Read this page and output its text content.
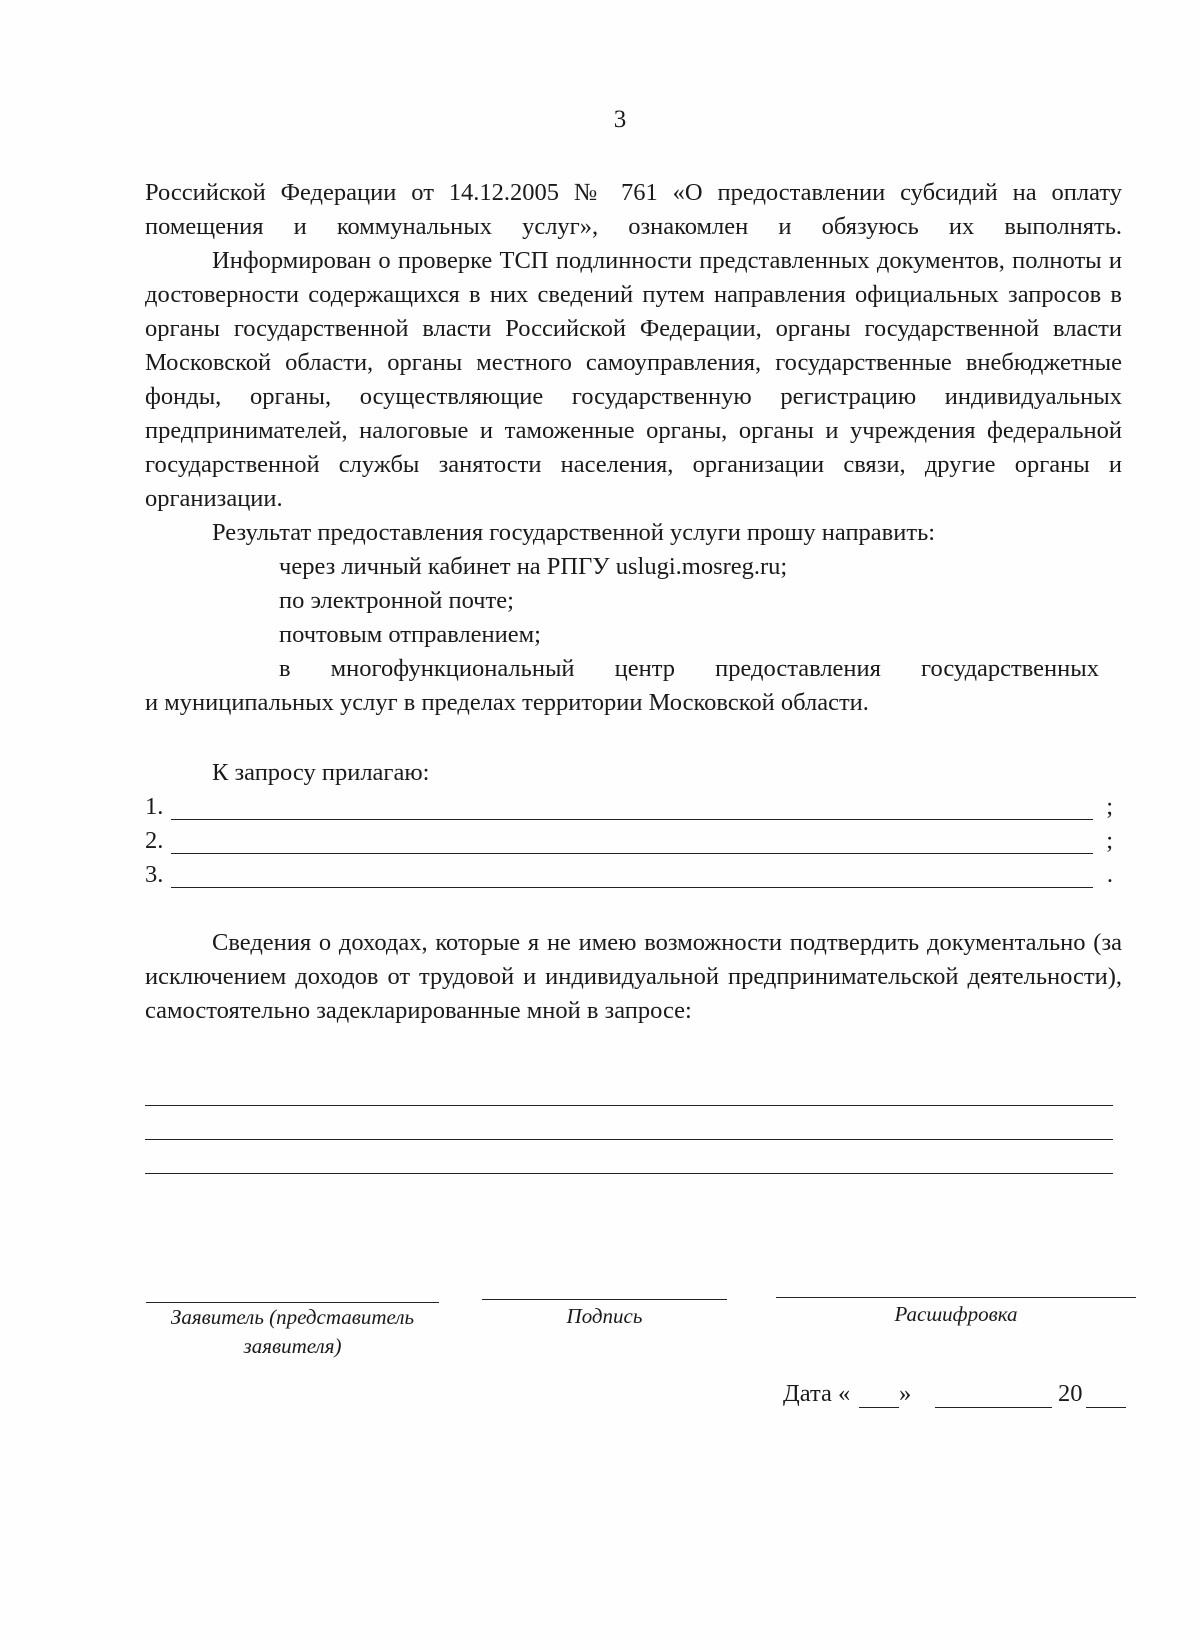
3
Российской Федерации от 14.12.2005 № 761 «О предоставлении субсидий на оплату
помещения и коммунальных услуг», ознакомлен и обязуюсь их выполнять.
Информирован о проверке ТСП подлинности представленных документов, полноты и достоверности содержащихся в них сведений путем направления официальных запросов в органы государственной власти Российской Федерации, органы государственной власти Московской области, органы местного самоуправления, государственные внебюджетные фонды, органы, осуществляющие государственную регистрацию индивидуальных предпринимателей, налоговые и таможенные органы, органы и учреждения федеральной государственной службы занятости населения, организации связи, другие органы и организации.
Результат предоставления государственной услуги прошу направить:
через личный кабинет на РПГУ uslugi.mosreg.ru;
по электронной почте;
почтовым отправлением;
в многофункциональный центр предоставления государственных
и муниципальных услуг в пределах территории Московской области.
К запросу прилагаю:
1.	;
2.	;
3.	.
Сведения о доходах, которые я не имею возможности подтвердить документально (за исключением доходов от трудовой и индивидуальной предпринимательской деятельности), самостоятельно задекларированные мной в запросе:
Заявитель (представитель
заявителя)
Подпись	Расшифровка
Дата « »	20
